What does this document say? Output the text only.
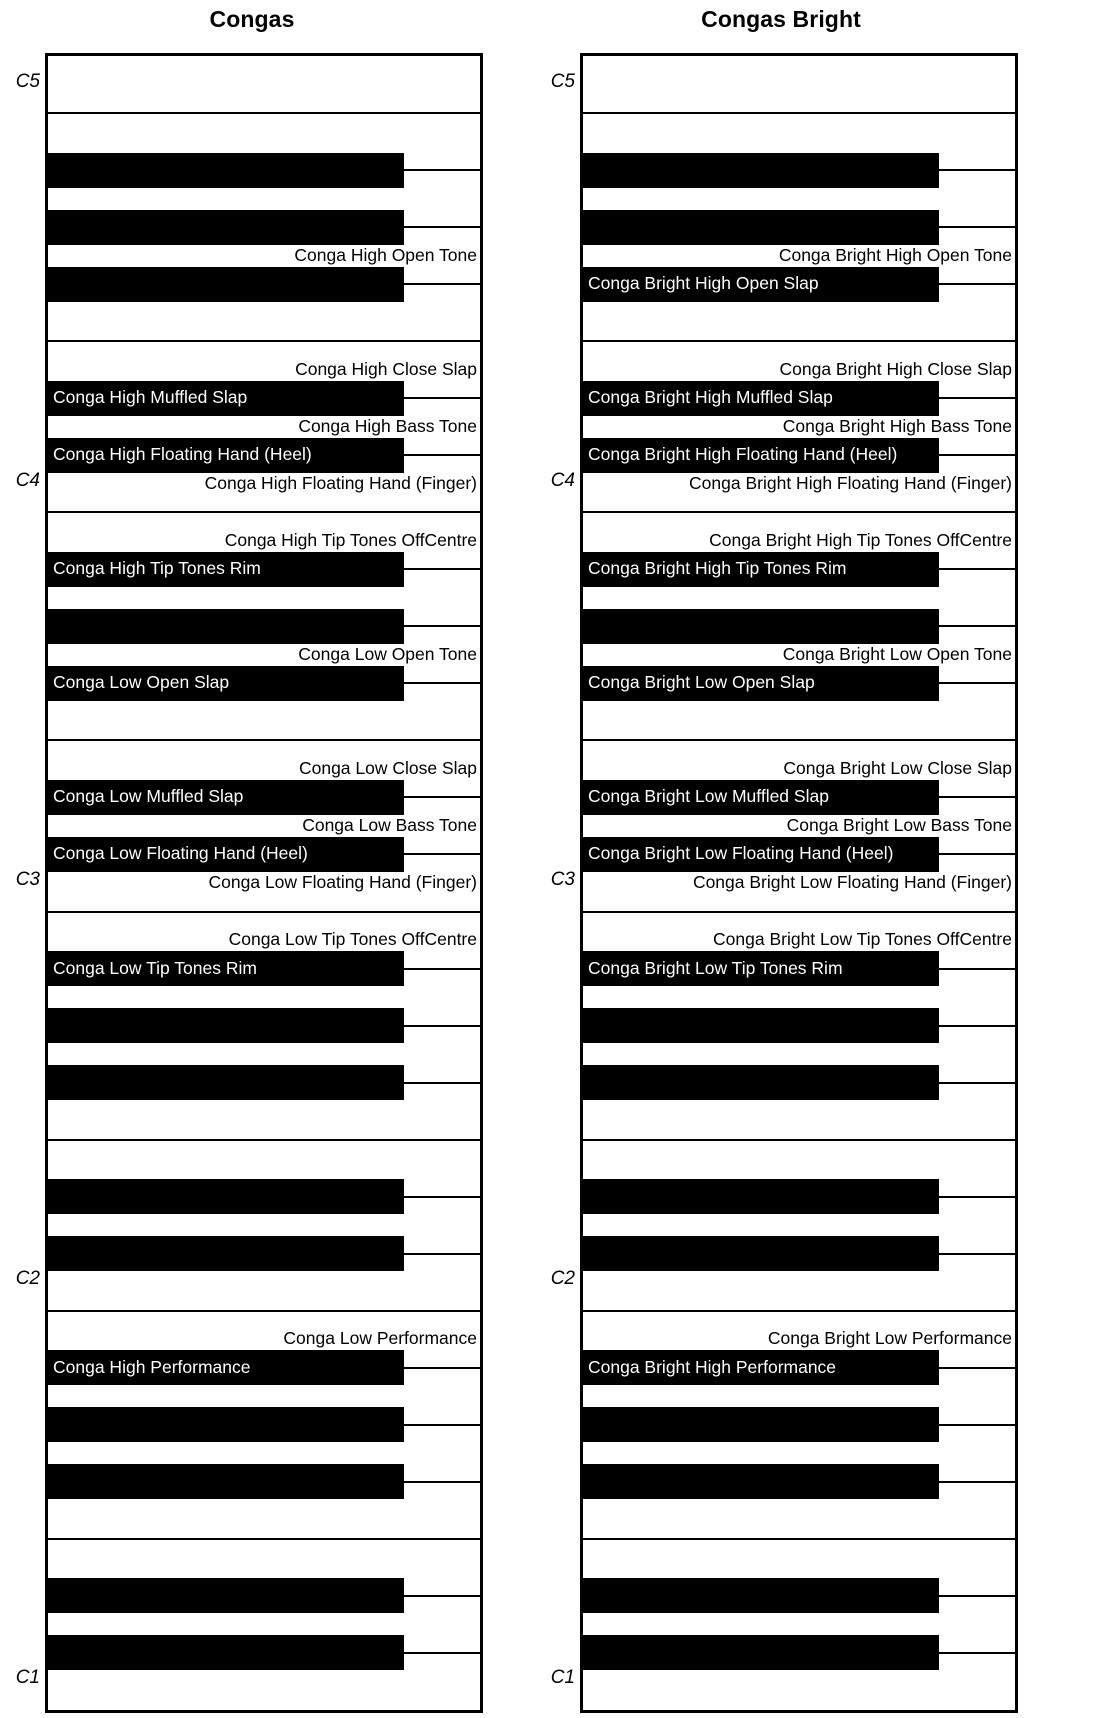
Congas
Conga High Tip Tones Rim
Conga High Tip Tones OffCentre
Conga High Floating Hand (Finger)
Conga High Floating Hand (Heel)
Conga High Bass Tone
Conga High Muffled Slap
Conga High Close Slap
Conga High Open Tone
Conga Low Tip Tones Rim
Conga Low Tip Tones OffCentre
Conga Low Floating Hand (Finger)
Conga Low Floating Hand (Heel)
Conga Low Bass Tone
Conga Low Muffled Slap
Conga Low Close Slap
Conga Low Open Slap
Conga Low Open Tone
Conga High Performance
Conga Low Performance
C5
C4
C3
C2
C1
Congas Bright
Conga Bright High Tip Tones Rim
Conga Bright High Tip Tones OffCentre
Conga Bright High Floating Hand (Finger)
Conga Bright High Floating Hand (Heel)
Conga Bright High Bass Tone
Conga Bright High Muffled Slap
Conga Bright High Close Slap
Conga Bright High Open Slap
Conga Bright High Open Tone
Conga Bright Low Tip Tones Rim
Conga Bright Low Tip Tones OffCentre
Conga Bright Low Floating Hand (Finger)
Conga Bright Low Floating Hand (Heel)
Conga Bright Low Bass Tone
Conga Bright Low Muffled Slap
Conga Bright Low Close Slap
Conga Bright Low Open Slap
Conga Bright Low Open Tone
Conga Bright High Performance
Conga Bright Low Performance
C5
C4
C3
C2
C1
